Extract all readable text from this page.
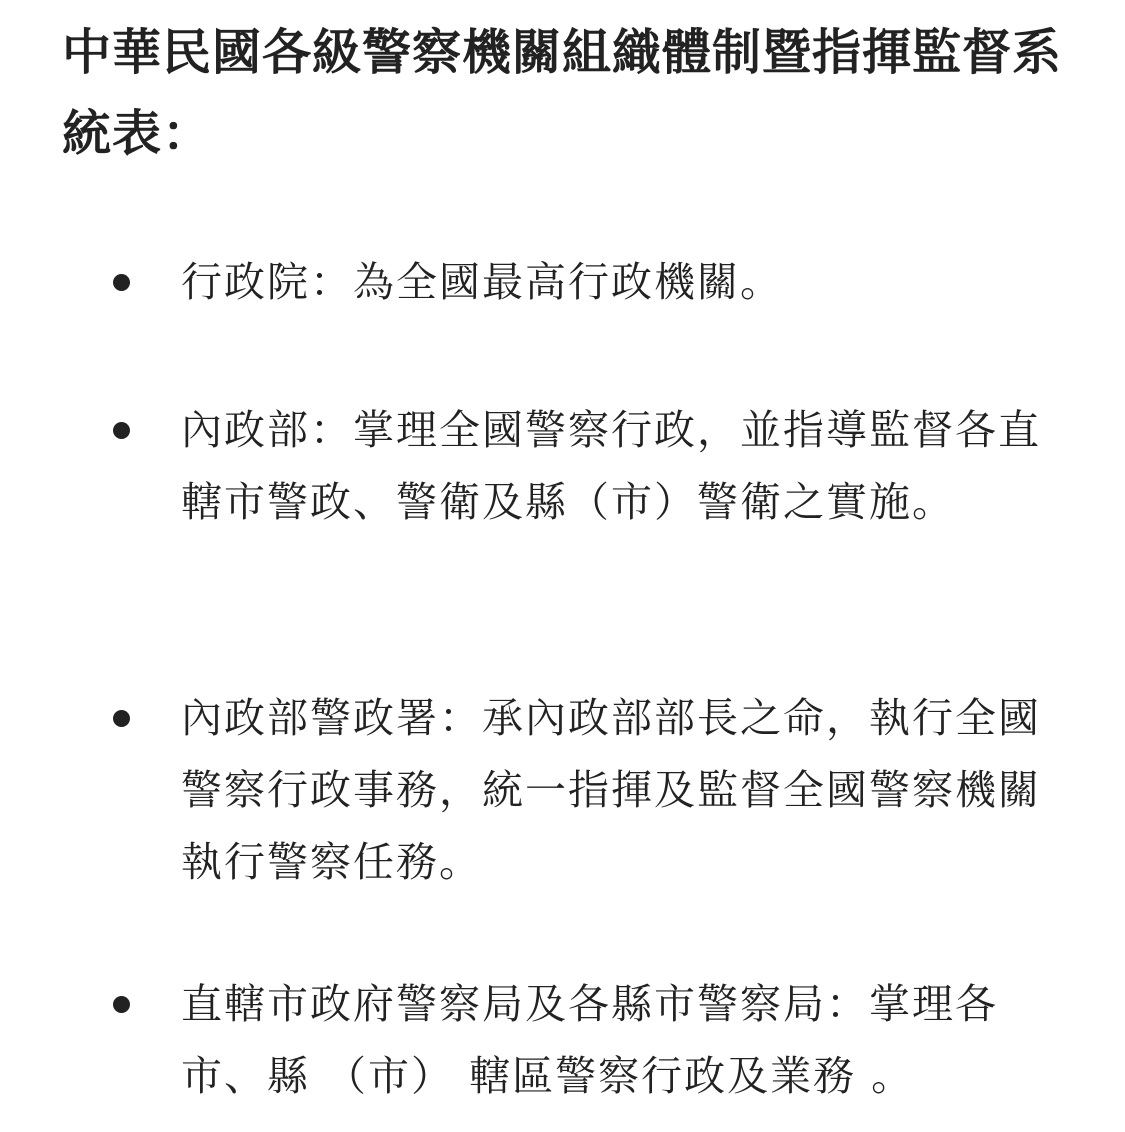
中華民國各級警察機關組織體制暨指揮監督系統表：

行政院：為全國最高行政機關。

內政部：掌理全國警察行政，並指導監督各直轄市警政、警衛及縣（市）警衛之實施。

內政部警政署：承內政部部長之命，執行全國警察行政事務，統一指揮及監督全國警察機關執行警察任務。

直轄市政府警察局及各縣市警察局：掌理各市、縣 （市） 轄區警察行政及業務 。
